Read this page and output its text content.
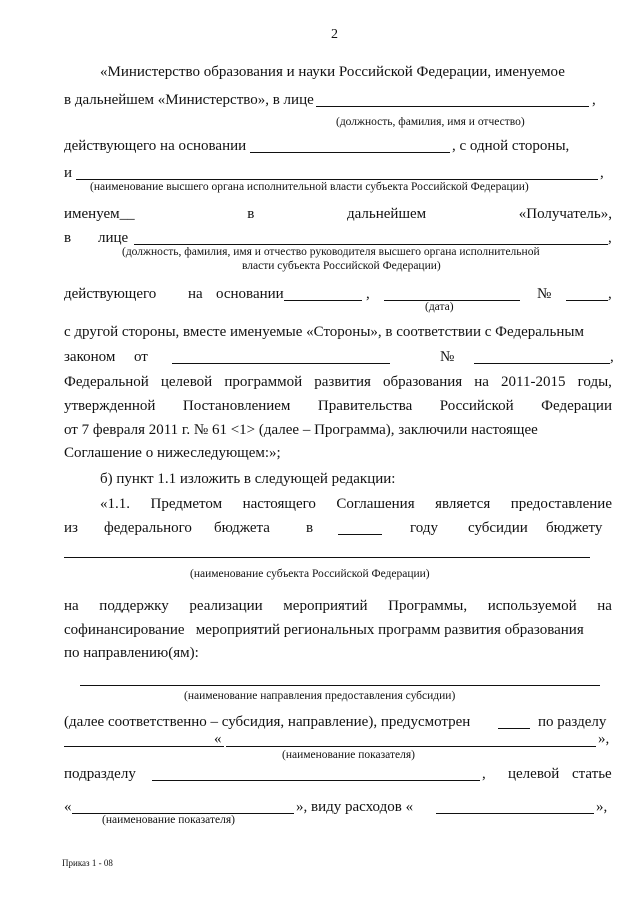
2
«Министерство образования и науки Российской Федерации, именуемое
в дальнейшем «Министерство», в лице	,
(должность, фамилия, имя и отчество)
действующего на основании	, с одной стороны,
и	,
(наименование высшего органа исполнительной власти субъекта Российской Федерации)
именуем__	в	дальнейшем	«Получатель»,
в лице	,
(должность, фамилия, имя и отчество руководителя высшего органа исполнительной
власти субъекта Российской Федерации)
действующего на основании	,	№	,
(дата)
с другой стороны, вместе именуемые «Стороны», в соответствии с Федеральным
законом от	№	,
Федеральной целевой программой развития образования на 2011-2015 годы,
утвержденной Постановлением Правительства Российской Федерации
от 7 февраля 2011 г. № 61 <1> (далее – Программа), заключили настоящее
Соглашение о нижеследующем:»;
б) пункт 1.1 изложить в следующей редакции:
«1.1. Предметом настоящего Соглашения является предоставление
из федерального бюджета в	году субсидии бюджету
(наименование субъекта Российской Федерации)
на поддержку реализации мероприятий Программы, используемой на
софинансирование   мероприятий региональных программ развития образования
по направлению(ям):
(наименование направления предоставления субсидии)
(далее соответственно – субсидия, направление), предусмотрен	по разделу
«	»,
(наименование показателя)
подразделу	, целевой статье
«	», виду расходов «	»,
(наименование показателя)
Приказ 1 - 08
